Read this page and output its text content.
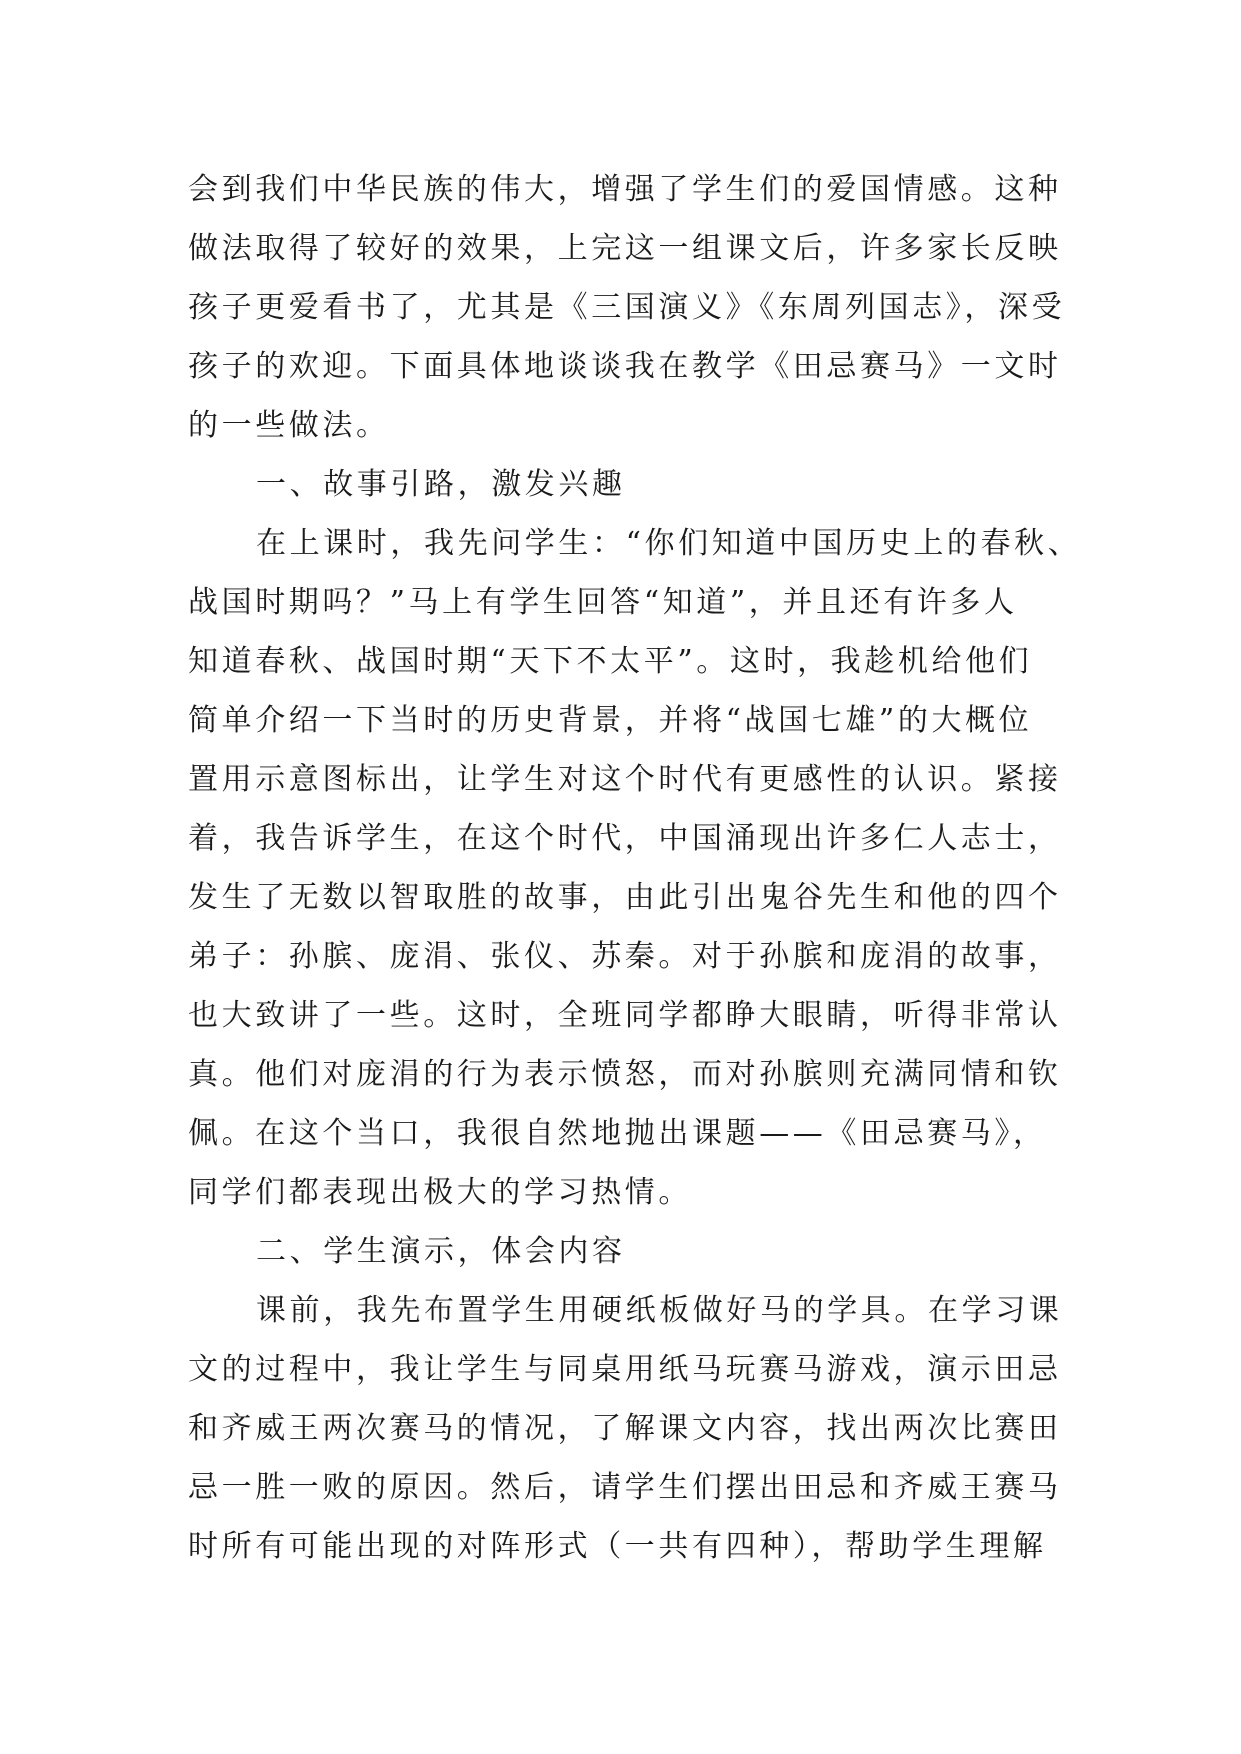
会到我们中华民族的伟大，增强了学生们的爱国情感。这种
做法取得了较好的效果，上完这一组课文后，许多家长反映
孩子更爱看书了，尤其是《三国演义》《东周列国志》，深受
孩子的欢迎。下面具体地谈谈我在教学《田忌赛马》一文时
的一些做法。
一、故事引路，激发兴趣
在上课时，我先问学生：“你们知道中国历史上的春秋、
战国时期吗？”马上有学生回答“知道”，并且还有许多人
知道春秋、战国时期“天下不太平”。这时，我趁机给他们
简单介绍一下当时的历史背景，并将“战国七雄”的大概位
置用示意图标出，让学生对这个时代有更感性的认识。紧接
着，我告诉学生，在这个时代，中国涌现出许多仁人志士，
发生了无数以智取胜的故事，由此引出鬼谷先生和他的四个
弟子：孙膑、庞涓、张仪、苏秦。对于孙膑和庞涓的故事，
也大致讲了一些。这时，全班同学都睁大眼睛，听得非常认
真。他们对庞涓的行为表示愤怒，而对孙膑则充满同情和钦
佩。在这个当口，我很自然地抛出课题——《田忌赛马》，
同学们都表现出极大的学习热情。
二、学生演示，体会内容
课前，我先布置学生用硬纸板做好马的学具。在学习课
文的过程中，我让学生与同桌用纸马玩赛马游戏，演示田忌
和齐威王两次赛马的情况，了解课文内容，找出两次比赛田
忌一胜一败的原因。然后，请学生们摆出田忌和齐威王赛马
时所有可能出现的对阵形式（一共有四种），帮助学生理解
